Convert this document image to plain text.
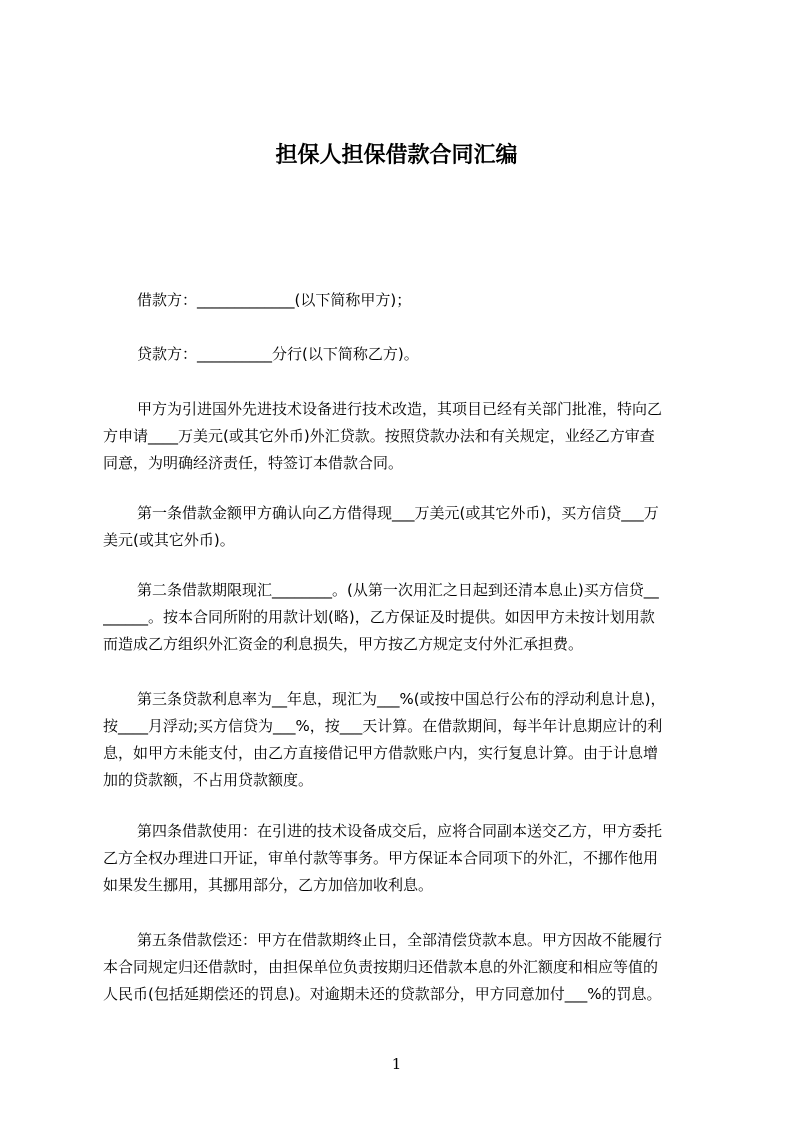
担保人担保借款合同汇编

借款方：_____________(以下简称甲方)；

贷款方：__________分行(以下简称乙方)。

甲方为引进国外先进技术设备进行技术改造，其项目已经有关部门批准，特向乙
方申请____万美元(或其它外币)外汇贷款。按照贷款办法和有关规定，业经乙方审查
同意，为明确经济责任，特签订本借款合同。

第一条借款金额甲方确认向乙方借得现___万美元(或其它外币)，买方信贷___万
美元(或其它外币)。

第二条借款期限现汇________。(从第一次用汇之日起到还清本息止)买方信贷__
______。按本合同所附的用款计划(略)，乙方保证及时提供。如因甲方未按计划用款
而造成乙方组织外汇资金的利息损失，甲方按乙方规定支付外汇承担费。

第三条贷款利息率为__年息，现汇为___%(或按中国总行公布的浮动利息计息)，
按____月浮动;买方信贷为___%，按___天计算。在借款期间，每半年计息期应计的利
息，如甲方未能支付，由乙方直接借记甲方借款账户内，实行复息计算。由于计息增
加的贷款额，不占用贷款额度。

第四条借款使用：在引进的技术设备成交后，应将合同副本送交乙方，甲方委托
乙方全权办理进口开证，审单付款等事务。甲方保证本合同项下的外汇，不挪作他用
如果发生挪用，其挪用部分，乙方加倍加收利息。

第五条借款偿还：甲方在借款期终止日，全部清偿贷款本息。甲方因故不能履行
本合同规定归还借款时，由担保单位负责按期归还借款本息的外汇额度和相应等值的
人民币(包括延期偿还的罚息)。对逾期未还的贷款部分，甲方同意加付___%的罚息。

1
